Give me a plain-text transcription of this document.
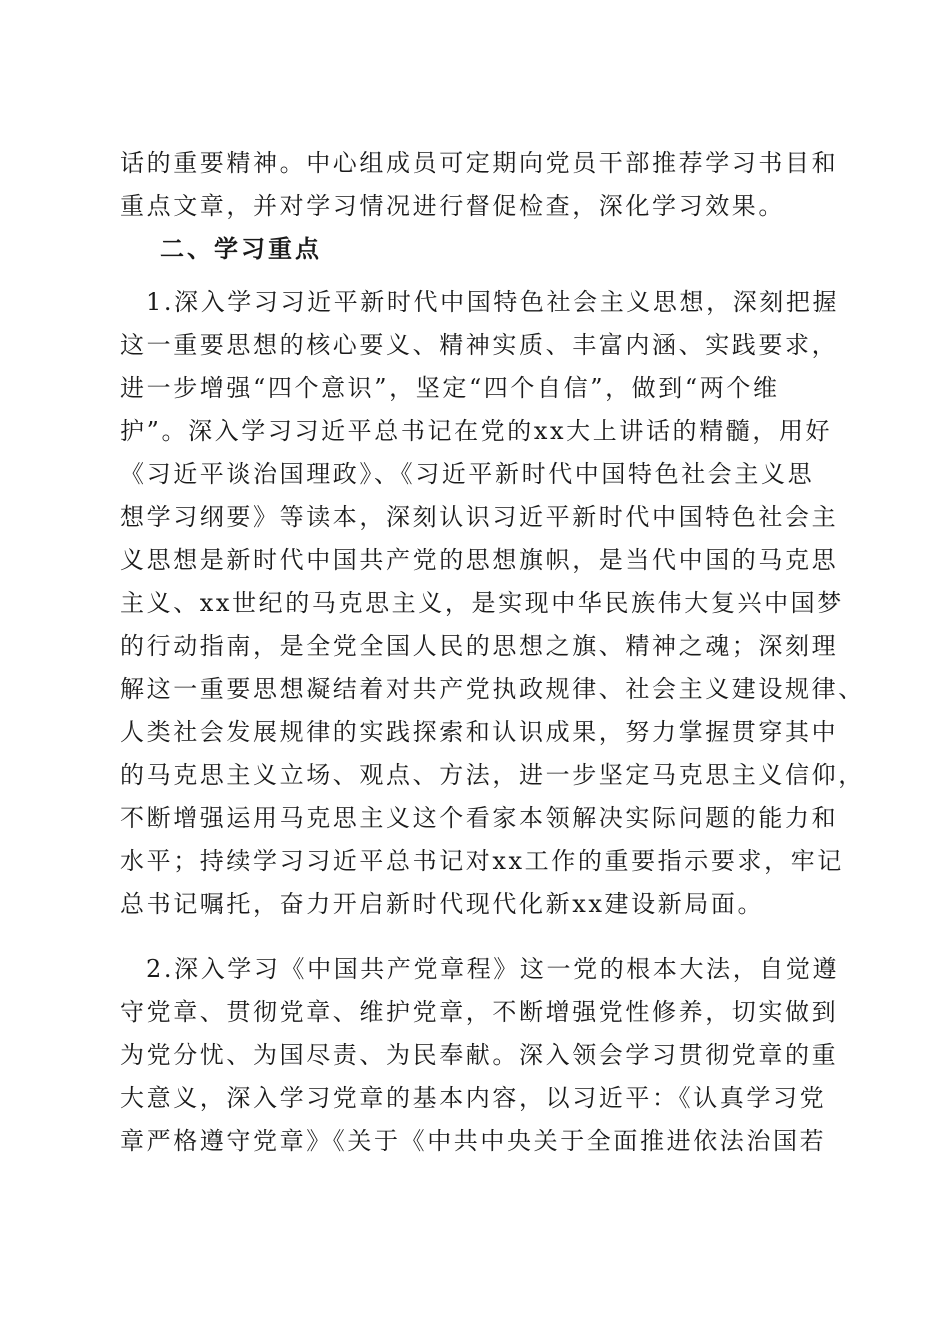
话的重要精神。中心组成员可定期向党员干部推荐学习书目和
重点文章，并对学习情况进行督促检查，深化学习效果。
二、学习重点
1.深入学习习近平新时代中国特色社会主义思想，深刻把握
这一重要思想的核心要义、精神实质、丰富内涵、实践要求，
进一步增强“四个意识”，坚定“四个自信”，做到“两个维
护”。深入学习习近平总书记在党的xx大上讲话的精髓，用好
《习近平谈治国理政》、《习近平新时代中国特色社会主义思
想学习纲要》等读本，深刻认识习近平新时代中国特色社会主
义思想是新时代中国共产党的思想旗帜，是当代中国的马克思
主义、xx世纪的马克思主义，是实现中华民族伟大复兴中国梦
的行动指南，是全党全国人民的思想之旗、精神之魂；深刻理
解这一重要思想凝结着对共产党执政规律、社会主义建设规律、
人类社会发展规律的实践探索和认识成果，努力掌握贯穿其中
的马克思主义立场、观点、方法，进一步坚定马克思主义信仰，
不断增强运用马克思主义这个看家本领解决实际问题的能力和
水平；持续学习习近平总书记对xx工作的重要指示要求，牢记
总书记嘱托，奋力开启新时代现代化新xx建设新局面。
2.深入学习《中国共产党章程》这一党的根本大法，自觉遵
守党章、贯彻党章、维护党章，不断增强党性修养，切实做到
为党分忧、为国尽责、为民奉献。深入领会学习贯彻党章的重
大意义，深入学习党章的基本内容，以习近平：《认真学习党
章严格遵守党章》《关于《中共中央关于全面推进依法治国若
